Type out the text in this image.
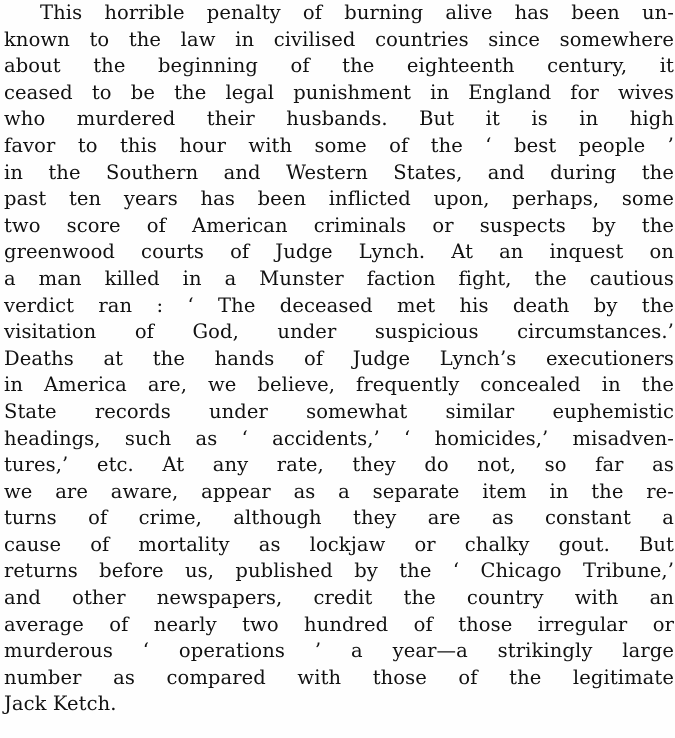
This horrible penalty of burning alive has been un-
known to the law in civilised countries since somewhere
about the beginning of the eighteenth century, it
ceased to be the legal punishment in England for wives
who murdered their husbands. But it is in high
favor to this hour with some of the ‘ best people ’
in the Southern and Western States, and during the
past ten years has been inflicted upon, perhaps, some
two score of American criminals or suspects by the
greenwood courts of Judge Lynch. At an inquest on
a man killed in a Munster faction fight, the cautious
verdict ran : ‘ The deceased met his death by the
visitation of God, under suspicious circumstances.’
Deaths at the hands of Judge Lynch’s executioners
in America are, we believe, frequently concealed in the
State records under somewhat similar euphemistic
headings, such as ‘ accidents,’ ‘ homicides,’ misadven-
tures,’ etc. At any rate, they do not, so far as
we are aware, appear as a separate item in the re-
turns of crime, although they are as constant a
cause of mortality as lockjaw or chalky gout. But
returns before us, published by the ‘ Chicago Tribune,’
and other newspapers, credit the country with an
average of nearly two hundred of those irregular or
murderous ‘ operations ’ a year—a strikingly large
number as compared with those of the legitimate
Jack Ketch.
